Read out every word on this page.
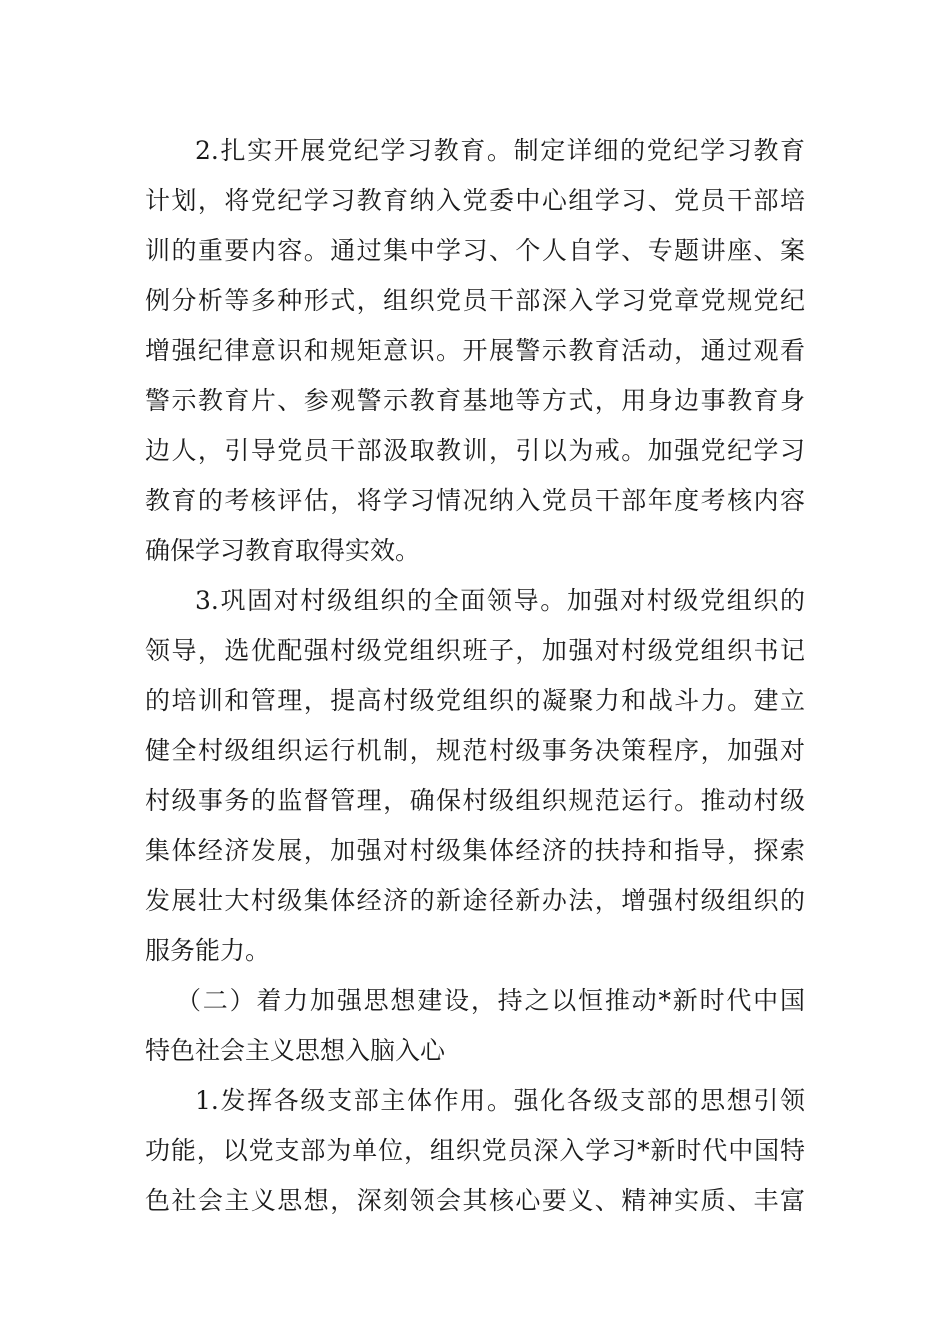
2.扎实开展党纪学习教育。制定详细的党纪学习教育
计划，将党纪学习教育纳入党委中心组学习、党员干部培
训的重要内容。通过集中学习、个人自学、专题讲座、案
例分析等多种形式，组织党员干部深入学习党章党规党纪
增强纪律意识和规矩意识。开展警示教育活动，通过观看
警示教育片、参观警示教育基地等方式，用身边事教育身
边人，引导党员干部汲取教训，引以为戒。加强党纪学习
教育的考核评估，将学习情况纳入党员干部年度考核内容
确保学习教育取得实效。
3.巩固对村级组织的全面领导。加强对村级党组织的
领导，选优配强村级党组织班子，加强对村级党组织书记
的培训和管理，提高村级党组织的凝聚力和战斗力。建立
健全村级组织运行机制，规范村级事务决策程序，加强对
村级事务的监督管理，确保村级组织规范运行。推动村级
集体经济发展，加强对村级集体经济的扶持和指导，探索
发展壮大村级集体经济的新途径新办法，增强村级组织的
服务能力。
（二）着力加强思想建设，持之以恒推动*新时代中国
特色社会主义思想入脑入心
1.发挥各级支部主体作用。强化各级支部的思想引领
功能，以党支部为单位，组织党员深入学习*新时代中国特
色社会主义思想，深刻领会其核心要义、精神实质、丰富
